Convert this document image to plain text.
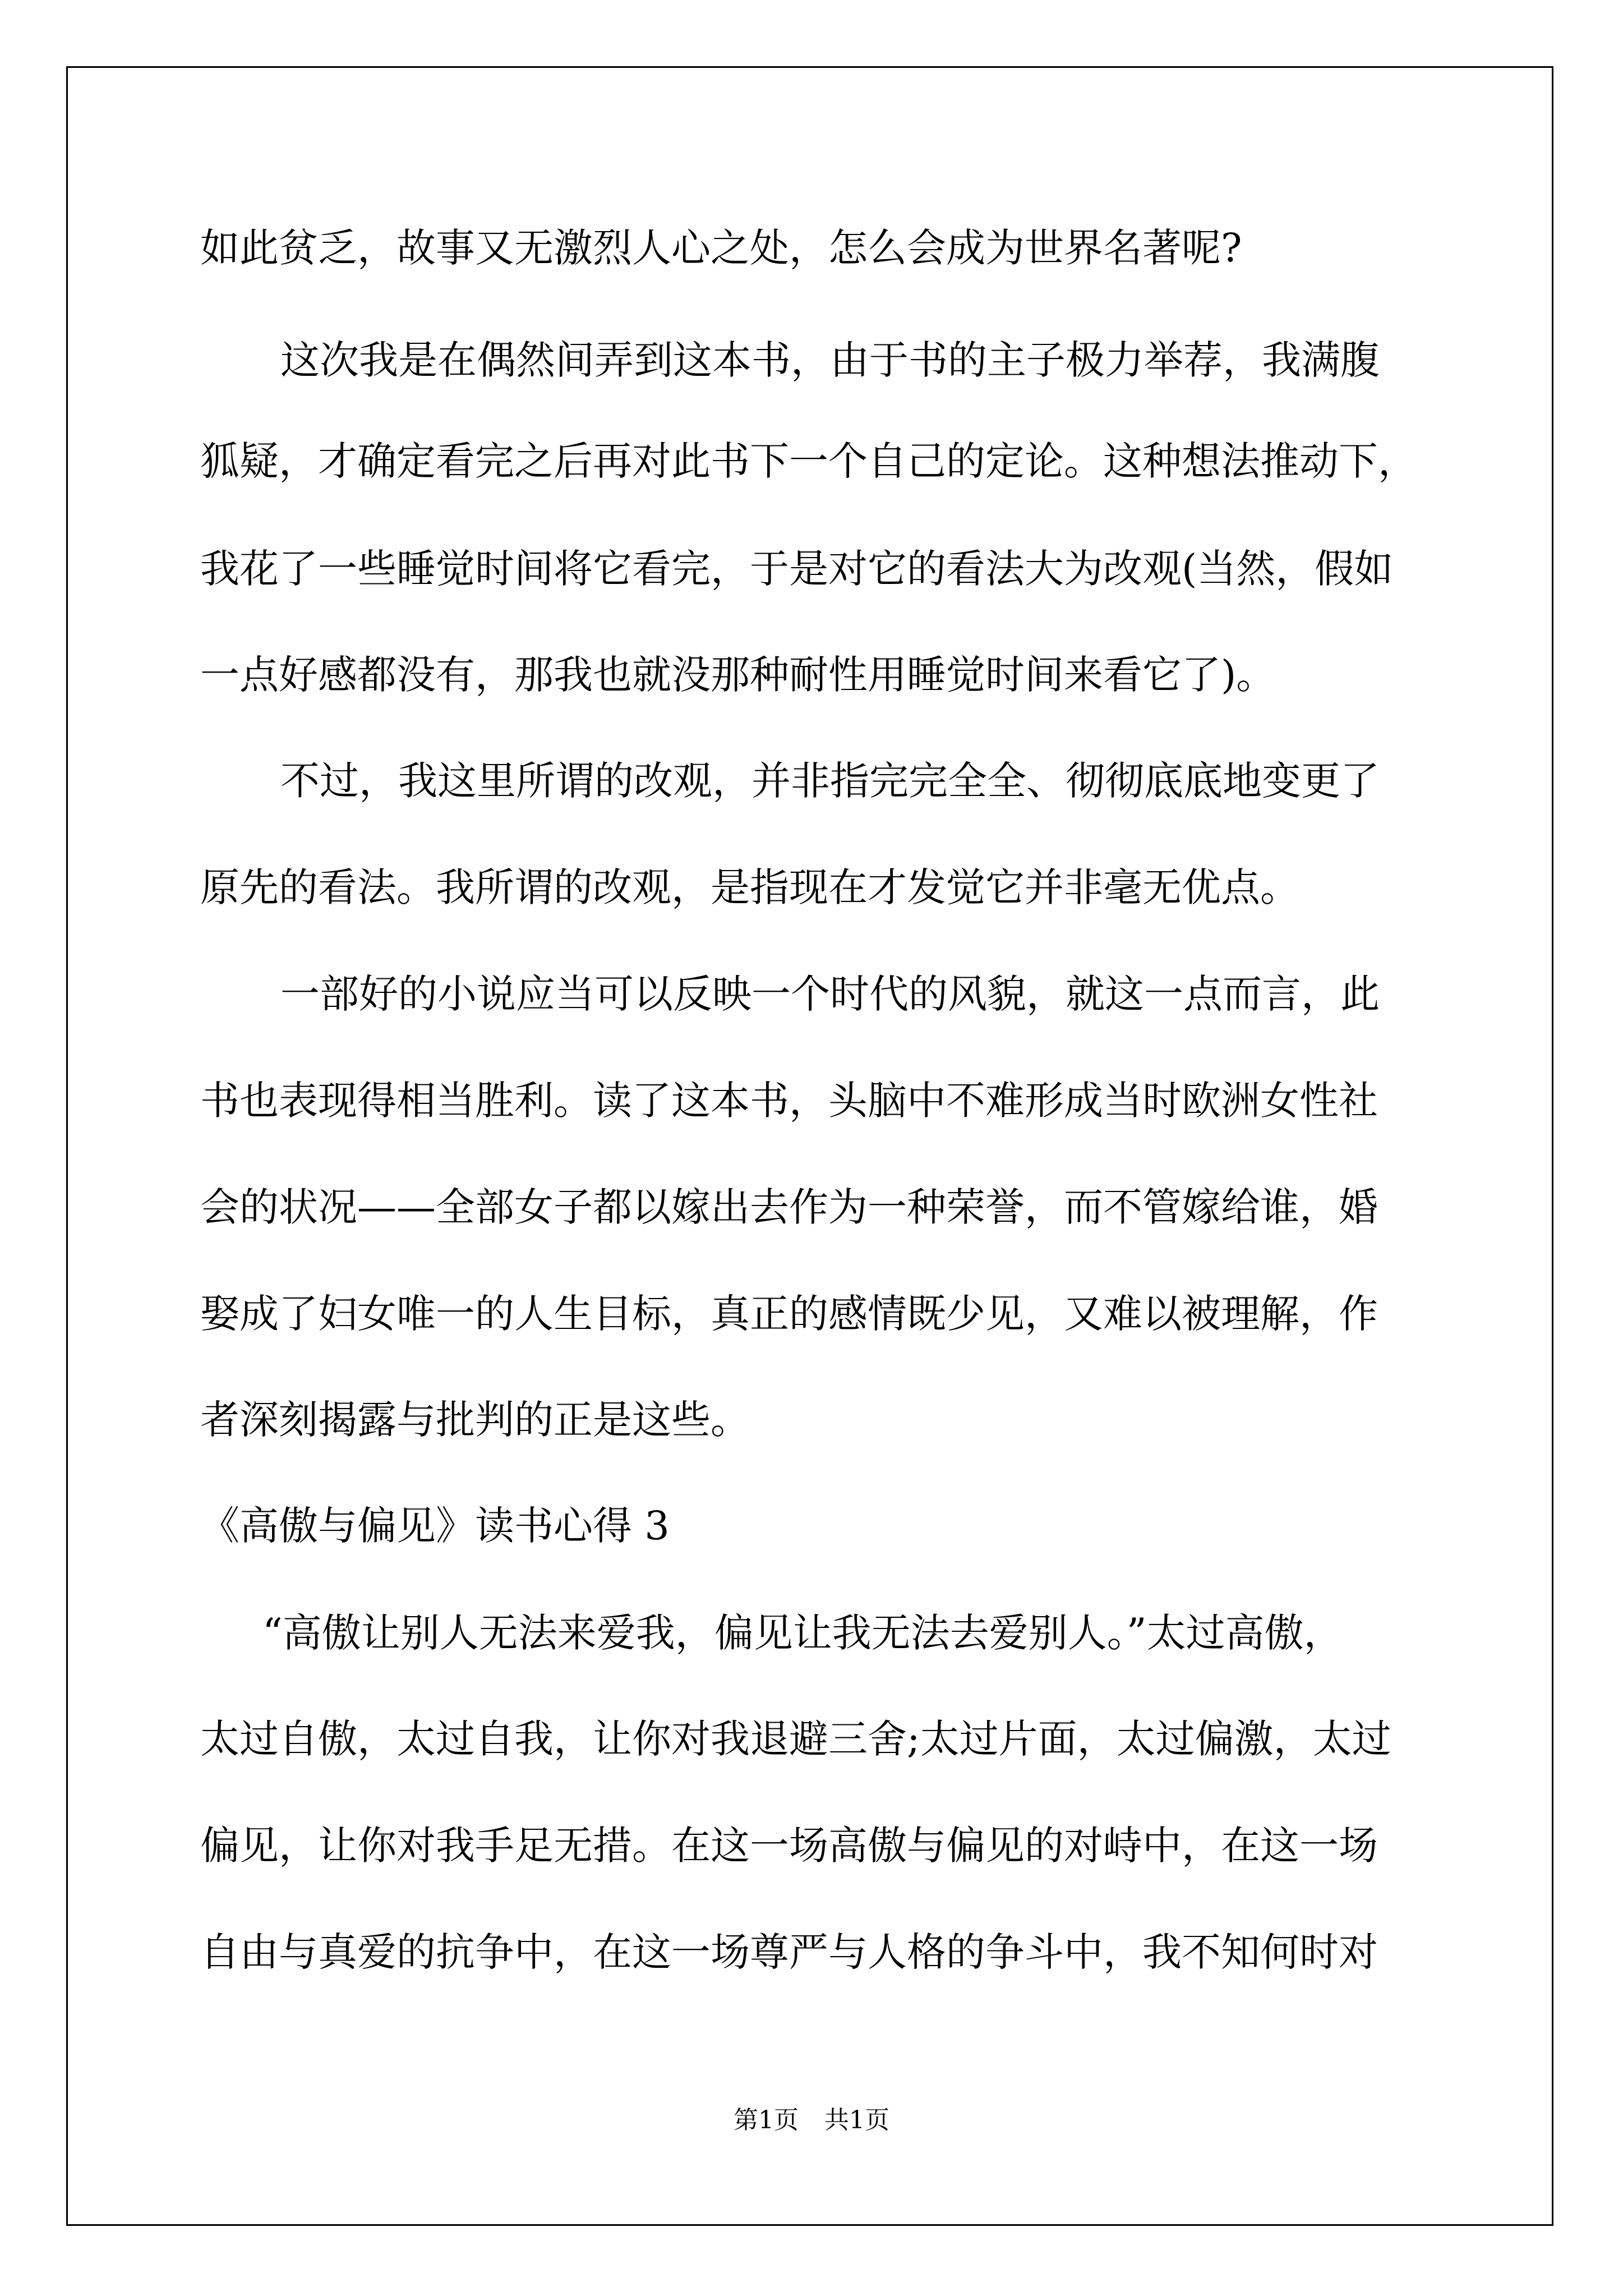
如此贫乏，故事又无激烈人心之处，怎么会成为世界名著呢?
这次我是在偶然间弄到这本书，由于书的主子极力举荐，我满腹
狐疑，才确定看完之后再对此书下一个自己的定论。这种想法推动下，
我花了一些睡觉时间将它看完，于是对它的看法大为改观(当然，假如
一点好感都没有，那我也就没那种耐性用睡觉时间来看它了)。
不过，我这里所谓的改观，并非指完完全全、彻彻底底地变更了
原先的看法。我所谓的改观，是指现在才发觉它并非毫无优点。
一部好的小说应当可以反映一个时代的风貌，就这一点而言，此
书也表现得相当胜利。读了这本书，头脑中不难形成当时欧洲女性社
会的状况——全部女子都以嫁出去作为一种荣誉，而不管嫁给谁，婚
娶成了妇女唯一的人生目标，真正的感情既少见，又难以被理解，作
者深刻揭露与批判的正是这些。
《高傲与偏见》读书心得 3
“高傲让别人无法来爱我，偏见让我无法去爱别人。”太过高傲，
太过自傲，太过自我，让你对我退避三舍;太过片面，太过偏激，太过
偏见，让你对我手足无措。在这一场高傲与偏见的对峙中，在这一场
自由与真爱的抗争中，在这一场尊严与人格的争斗中，我不知何时对
第1页 共1页
